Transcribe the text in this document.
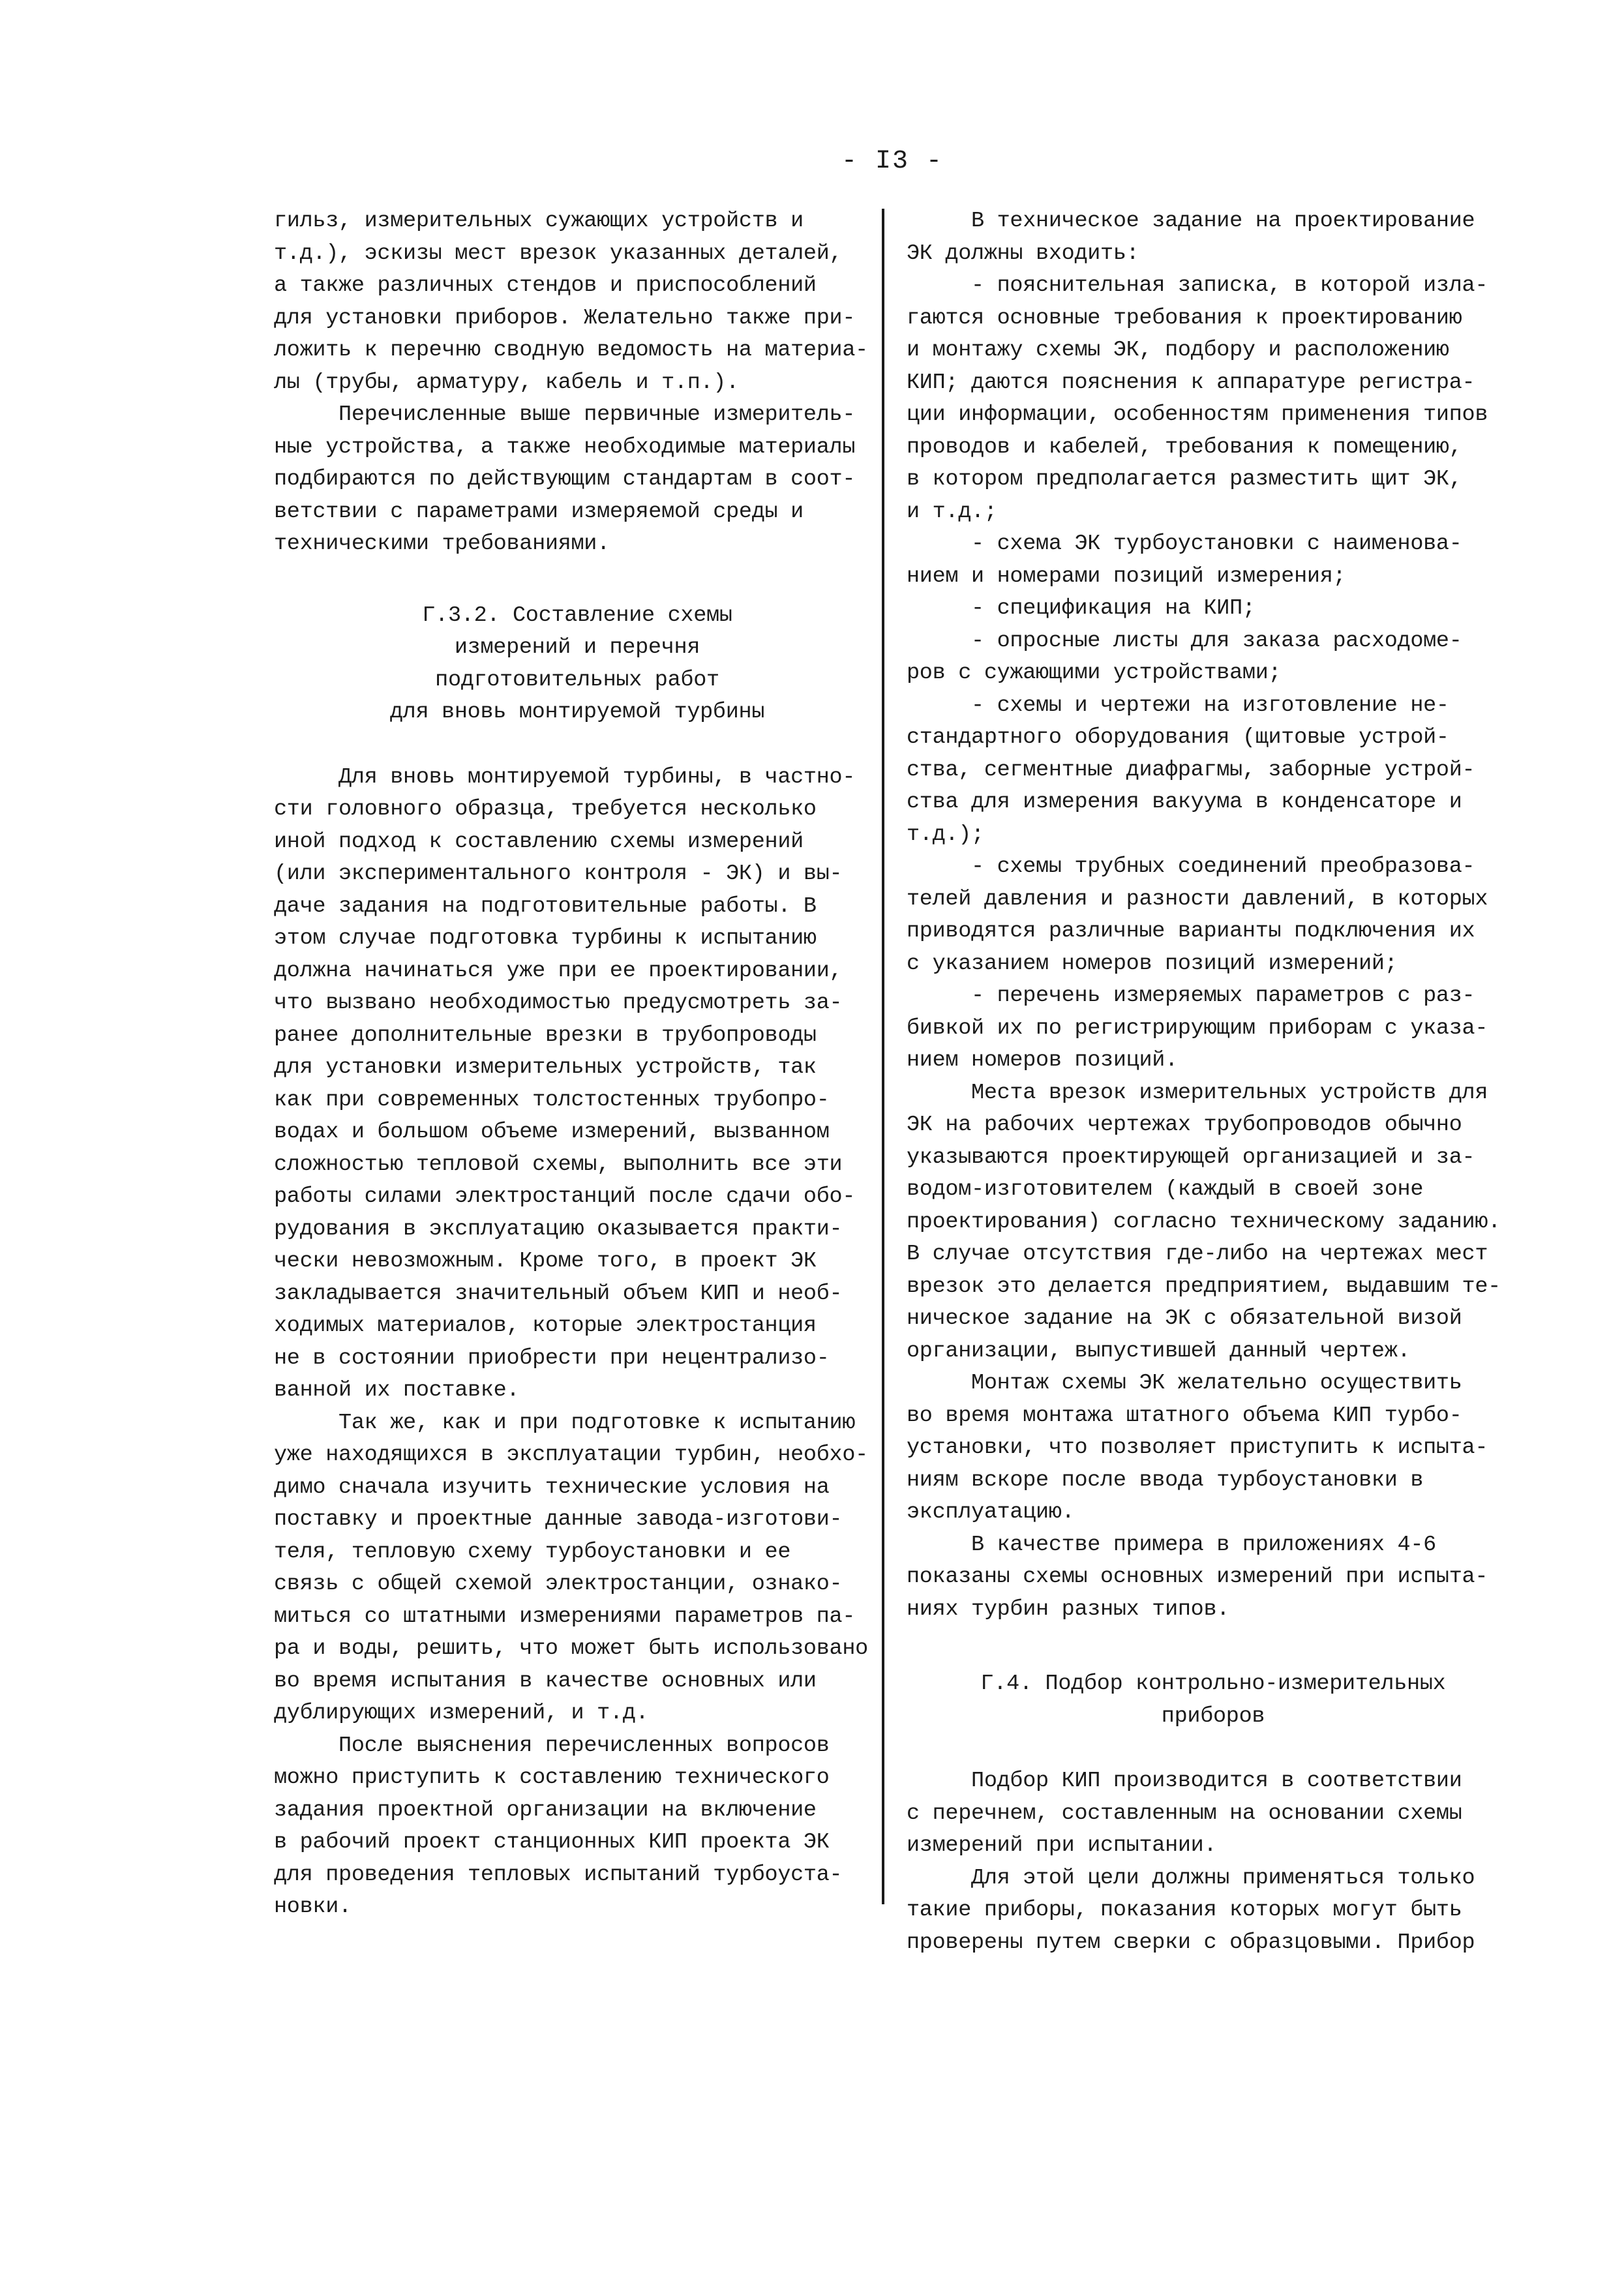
- I3 -
гильз, измерительных сужающих устройств и
т.д.), эскизы мест врезок указанных деталей,
а также различных стендов и приспособлений
для установки приборов. Желательно также при-
ложить к перечню сводную ведомость на материа-
лы (трубы, арматуру, кабель и т.п.).
Перечисленные выше первичные измеритель-
ные устройства, а также необходимые материалы
подбираются по действующим стандартам в соот-
ветствии с параметрами измеряемой среды и
техническими требованиями.
Г.3.2. Составление схемы
измерений и перечня
подготовительных работ
для вновь монтируемой турбины
Для вновь монтируемой турбины, в частно-
сти головного образца, требуется несколько
иной подход к составлению схемы измерений
(или экспериментального контроля - ЭК) и вы-
даче задания на подготовительные работы. В
этом случае подготовка турбины к испытанию
должна начинаться уже при ее проектировании,
что вызвано необходимостью предусмотреть за-
ранее дополнительные врезки в трубопроводы
для установки измерительных устройств, так
как при современных толстостенных трубопро-
водах и большом объеме измерений, вызванном
сложностью тепловой схемы, выполнить все эти
работы силами электростанций после сдачи обо-
рудования в эксплуатацию оказывается практи-
чески невозможным. Кроме того, в проект ЭК
закладывается значительный объем КИП и необ-
ходимых материалов, которые электростанция
не в состоянии приобрести при нецентрализо-
ванной их поставке.
Так же, как и при подготовке к испытанию
уже находящихся в эксплуатации турбин, необхо-
димо сначала изучить технические условия на
поставку и проектные данные завода-изготови-
теля, тепловую схему турбоустановки и ее
связь с общей схемой электростанции, ознако-
миться со штатными измерениями параметров па-
ра и воды, решить, что может быть использовано
во время испытания в качестве основных или
дублирующих измерений, и т.д.
После выяснения перечисленных вопросов
можно приступить к составлению технического
задания проектной организации на включение
в рабочий проект станционных КИП проекта ЭК
для проведения тепловых испытаний турбоуста-
новки.
В техническое задание на проектирование
ЭК должны входить:
- пояснительная записка, в которой изла-
гаются основные требования к проектированию
и монтажу схемы ЭК, подбору и расположению
КИП; даются пояснения к аппаратуре регистра-
ции информации, особенностям применения типов
проводов и кабелей, требования к помещению,
в котором предполагается разместить щит ЭК,
и т.д.;
- схема ЭК турбоустановки с наименова-
нием и номерами позиций измерения;
- спецификация на КИП;
- опросные листы для заказа расходоме-
ров с сужающими устройствами;
- схемы и чертежи на изготовление не-
стандартного оборудования (щитовые устрой-
ства, сегментные диафрагмы, заборные устрой-
ства для измерения вакуума в конденсаторе и
т.д.);
- схемы трубных соединений преобразова-
телей давления и разности давлений, в которых
приводятся различные варианты подключения их
с указанием номеров позиций измерений;
- перечень измеряемых параметров с раз-
бивкой их по регистрирующим приборам с указа-
нием номеров позиций.
Места врезок измерительных устройств для
ЭК на рабочих чертежах трубопроводов обычно
указываются проектирующей организацией и за-
водом-изготовителем (каждый в своей зоне
проектирования) согласно техническому заданию.
В случае отсутствия где-либо на чертежах мест
врезок это делается предприятием, выдавшим те-
ническое задание на ЭК с обязательной визой
организации, выпустившей данный чертеж.
Монтаж схемы ЭК желательно осуществить
во время монтажа штатного объема КИП турбо-
установки, что позволяет приступить к испыта-
ниям вскоре после ввода турбоустановки в
эксплуатацию.
В качестве примера в приложениях 4-6
показаны схемы основных измерений при испыта-
ниях турбин разных типов.
Г.4. Подбор контрольно-измерительных
приборов
Подбор КИП производится в соответствии
с перечнем, составленным на основании схемы
измерений при испытании.
Для этой цели должны применяться только
такие приборы, показания которых могут быть
проверены путем сверки с образцовыми. Прибор
